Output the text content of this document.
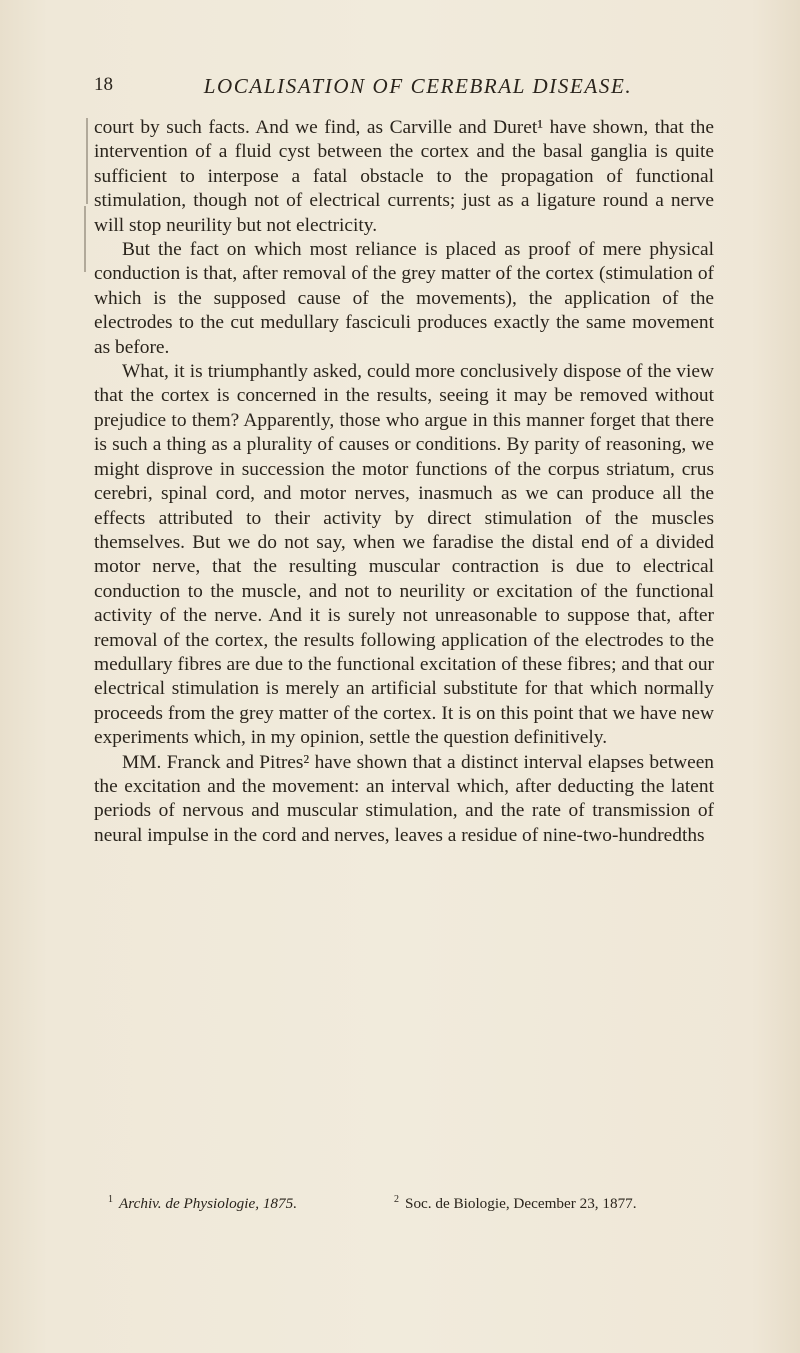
18	LOCALISATION OF CEREBRAL DISEASE.

court by such facts. And we find, as Carville and Duret¹ have shown, that the intervention of a fluid cyst between the cortex and the basal ganglia is quite sufficient to interpose a fatal obstacle to the propagation of functional stimulation, though not of electrical currents; just as a ligature round a nerve will stop neurility but not electricity.

But the fact on which most reliance is placed as proof of mere physical conduction is that, after removal of the grey matter of the cortex (stimulation of which is the supposed cause of the movements), the application of the electrodes to the cut medullary fasciculi produces exactly the same movement as before.

What, it is triumphantly asked, could more conclusively dispose of the view that the cortex is concerned in the results, seeing it may be removed without prejudice to them? Apparently, those who argue in this manner forget that there is such a thing as a plurality of causes or conditions. By parity of reasoning, we might disprove in succession the motor functions of the corpus striatum, crus cerebri, spinal cord, and motor nerves, inasmuch as we can produce all the effects attributed to their activity by direct stimulation of the muscles themselves. But we do not say, when we faradise the distal end of a divided motor nerve, that the resulting muscular contraction is due to electrical conduction to the muscle, and not to neurility or excitation of the functional activity of the nerve. And it is surely not unreasonable to suppose that, after removal of the cortex, the results following application of the electrodes to the medullary fibres are due to the functional excitation of these fibres; and that our electrical stimulation is merely an artificial substitute for that which normally proceeds from the grey matter of the cortex. It is on this point that we have new experiments which, in my opinion, settle the question definitively.

MM. Franck and Pitres² have shown that a distinct interval elapses between the excitation and the movement: an interval which, after deducting the latent periods of nervous and muscular stimulation, and the rate of transmission of neural impulse in the cord and nerves, leaves a residue of nine-two-hundredths

$^1$ Archiv. de Physiologie, 1875.	$^2$ Soc. de Biologie, December 23, 1877.
